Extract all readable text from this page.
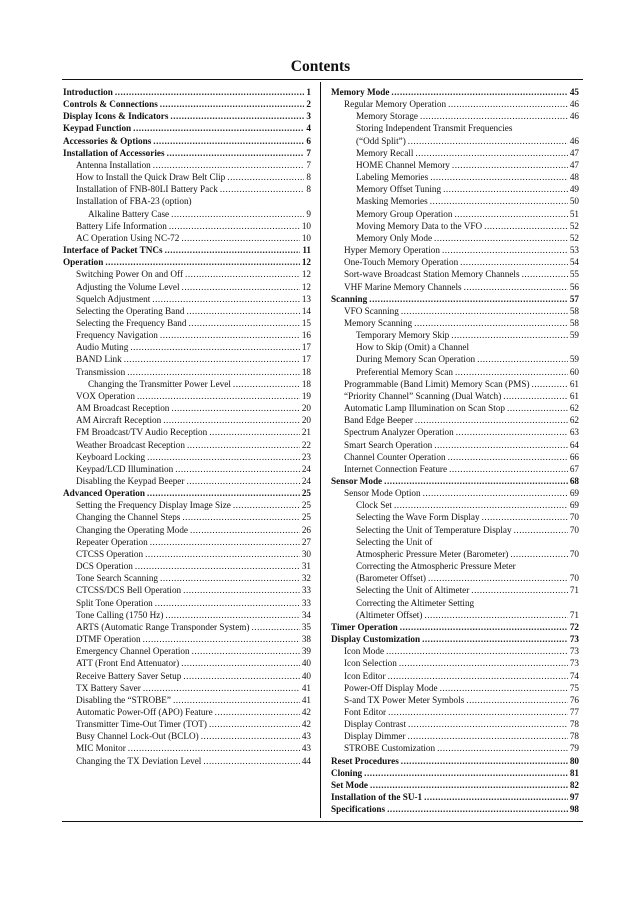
Contents
Introduction .....	1
Controls & Connections .....	2
Display Icons & Indicators .....	3
Keypad Function .....	4
Accessories & Options .....	6
Installation of Accessories .....	7
Antenna Installation .....	7
How to Install the Quick Draw Belt Clip .....	8
Installation of FNB-80LI Battery Pack .....	8
Installation of FBA-23 (option)
Alkaline Battery Case .....	9
Battery Life Information .....	10
AC Operation Using NC-72 .....	10
Interface of Packet TNCs .....	11
Operation .....	12
Switching Power On and Off .....	12
Adjusting the Volume Level .....	12
Squelch Adjustment .....	13
Selecting the Operating Band .....	14
Selecting the Frequency Band .....	15
Frequency Navigation .....	16
Audio Muting .....	17
BAND Link .....	17
Transmission .....	18
Changing the Transmitter Power Level .....	18
VOX Operation .....	19
AM Broadcast Reception .....	20
AM Aircraft Reception .....	20
FM Broadcast/TV Audio Reception .....	21
Weather Broadcast Reception .....	22
Keyboard Locking .....	23
Keypad/LCD Illumination .....	24
Disabling the Keypad Beeper .....	24
Advanced Operation .....	25
Setting the Frequency Display Image Size .....	25
Changing the Channel Steps .....	25
Changing the Operating Mode .....	26
Repeater Operation .....	27
CTCSS Operation .....	30
DCS Operation .....	31
Tone Search Scanning .....	32
CTCSS/DCS Bell Operation .....	33
Split Tone Operation .....	33
Tone Calling (1750 Hz) .....	34
ARTS (Automatic Range Transponder System) .....	35
DTMF Operation .....	38
Emergency Channel Operation .....	39
ATT (Front End Attenuator) .....	40
Receive Battery Saver Setup .....	40
TX Battery Saver .....	41
Disabling the “STROBE” .....	41
Automatic Power-Off (APO) Feature .....	42
Transmitter Time-Out Timer (TOT) .....	42
Busy Channel Lock-Out (BCLO) .....	43
MIC Monitor .....	43
Changing the TX Deviation Level .....	44
Memory Mode .....	45
Regular Memory Operation .....	46
Memory Storage .....	46
Storing Independent Transmit Frequencies
(“Odd Split”) .....	46
Memory Recall .....	47
HOME Channel Memory .....	47
Labeling Memories .....	48
Memory Offset Tuning .....	49
Masking Memories .....	50
Memory Group Operation .....	51
Moving Memory Data to the VFO .....	52
Memory Only Mode .....	52
Hyper Memory Operation .....	53
One-Touch Memory Operation .....	54
Sort-wave Broadcast Station Memory Channels .....	55
VHF Marine Memory Channels .....	56
Scanning .....	57
VFO Scanning .....	58
Memory Scanning .....	58
Temporary Memory Skip .....	59
How to Skip (Omit) a Channel
During Memory Scan Operation .....	59
Preferential Memory Scan .....	60
Programmable (Band Limit) Memory Scan (PMS) .....	61
“Priority Channel” Scanning (Dual Watch) .....	61
Automatic Lamp Illumination on Scan Stop .....	62
Band Edge Beeper .....	62
Spectrum Analyzer Operation .....	63
Smart Search Operation .....	64
Channel Counter Operation .....	66
Internet Connection Feature .....	67
Sensor Mode .....	68
Sensor Mode Option .....	69
Clock Set .....	69
Selecting the Wave Form Display .....	70
Selecting the Unit of Temperature Display .....	70
Selecting the Unit of
Atmospheric Pressure Meter (Barometer) .....	70
Correcting the Atmospheric Pressure Meter
(Barometer Offset) .....	70
Selecting the Unit of Altimeter .....	71
Correcting the Altimeter Setting
(Altimeter Offset) .....	71
Timer Operation .....	72
Display Customization .....	73
Icon Mode .....	73
Icon Selection .....	73
Icon Editor .....	74
Power-Off Display Mode .....	75
S-and TX Power Meter Symbols .....	76
Font Editor .....	77
Display Contrast .....	78
Display Dimmer .....	78
STROBE Customization .....	79
Reset Procedures .....	80
Cloning .....	81
Set Mode .....	82
Installation of the SU-1 .....	97
Specifications .....	98
